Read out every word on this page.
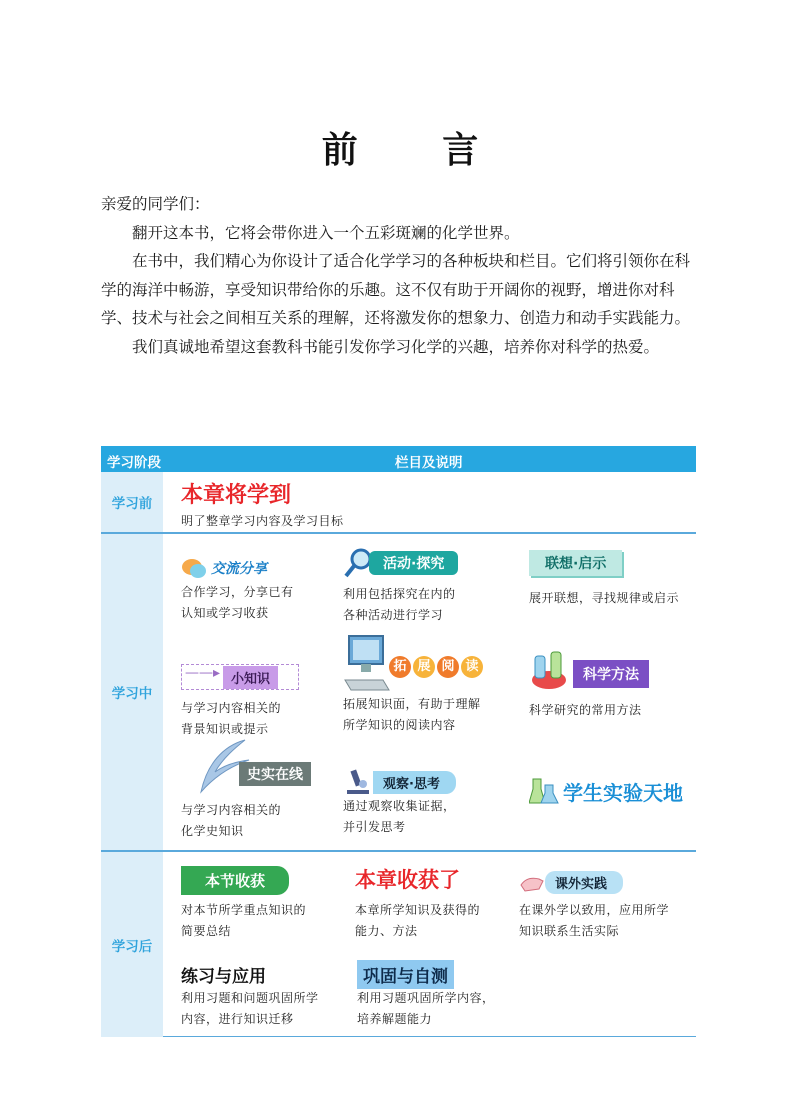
前 言

亲爱的同学们：

翻开这本书，它将会带你进入一个五彩斑斓的化学世界。

在书中，我们精心为你设计了适合化学学习的各种板块和栏目。它们将引领你在科学的海洋中畅游，享受知识带给你的乐趣。这不仅有助于开阔你的视野，增进你对科学、技术与社会之间相互关系的理解，还将激发你的想象力、创造力和动手实践能力。

我们真诚地希望这套教科书能引发你学习化学的兴趣，培养你对科学的热爱。

学习阶段	栏目及说明
学习前	本章将学到
明了整章学习内容及学习目标
学习中
交流分享
合作学习，分享已有
认知或学习收获
活动·探究
利用包括探究在内的
各种活动进行学习
联想·启示
展开联想，寻找规律或启示
——▸ 小知识
与学习内容相关的
背景知识或提示
拓 展 阅 读
拓展知识面，有助于理解
所学知识的阅读内容
科学方法
科学研究的常用方法
史实在线
与学习内容相关的
化学史知识
观察·思考
通过观察收集证据，
并引发思考
学生实验天地
学习后
本节收获
对本节所学重点知识的
简要总结
本章收获了
本章所学知识及获得的
能力、方法
课外实践
在课外学以致用，应用所学
知识联系生活实际
练习与应用
利用习题和问题巩固所学
内容，进行知识迁移
巩固与自测
利用习题巩固所学内容，
培养解题能力
